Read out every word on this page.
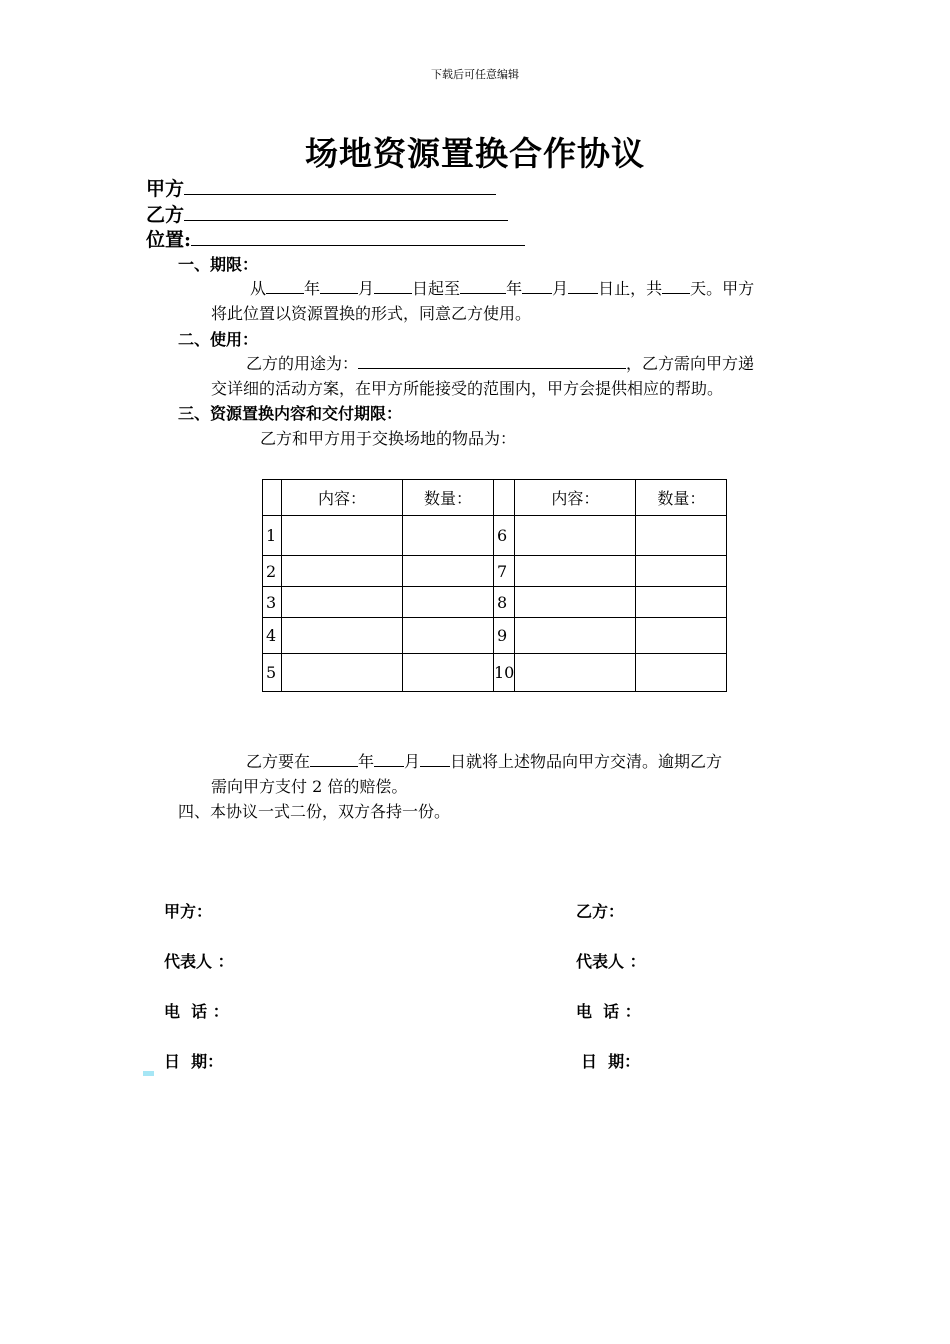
下载后可任意编辑
场地资源置换合作协议
甲方
乙方
位置:
一、期限：
从 年 月 日起至	年 月 日止，共 天。甲方
将此位置以资源置换的形式，同意乙方使用。
二、使用：
乙方的用途为：	，乙方需向甲方递
交详细的活动方案，在甲方所能接受的范围内，甲方会提供相应的帮助。
三、资源置换内容和交付期限：
乙方和甲方用于交换场地的物品为：
	内容：	数量：		内容：	数量：
1			6		
2			7		
3			8		
4			9		
5			10		
乙方要在	年 月 日就将上述物品向甲方交清。逾期乙方
需向甲方支付 2 倍的赔偿。
四、本协议一式二份，双方各持一份。
甲方：
代表人 ：
电  话 ：
日  期：
乙方：
代表人 ：
电  话 ：
日  期：
